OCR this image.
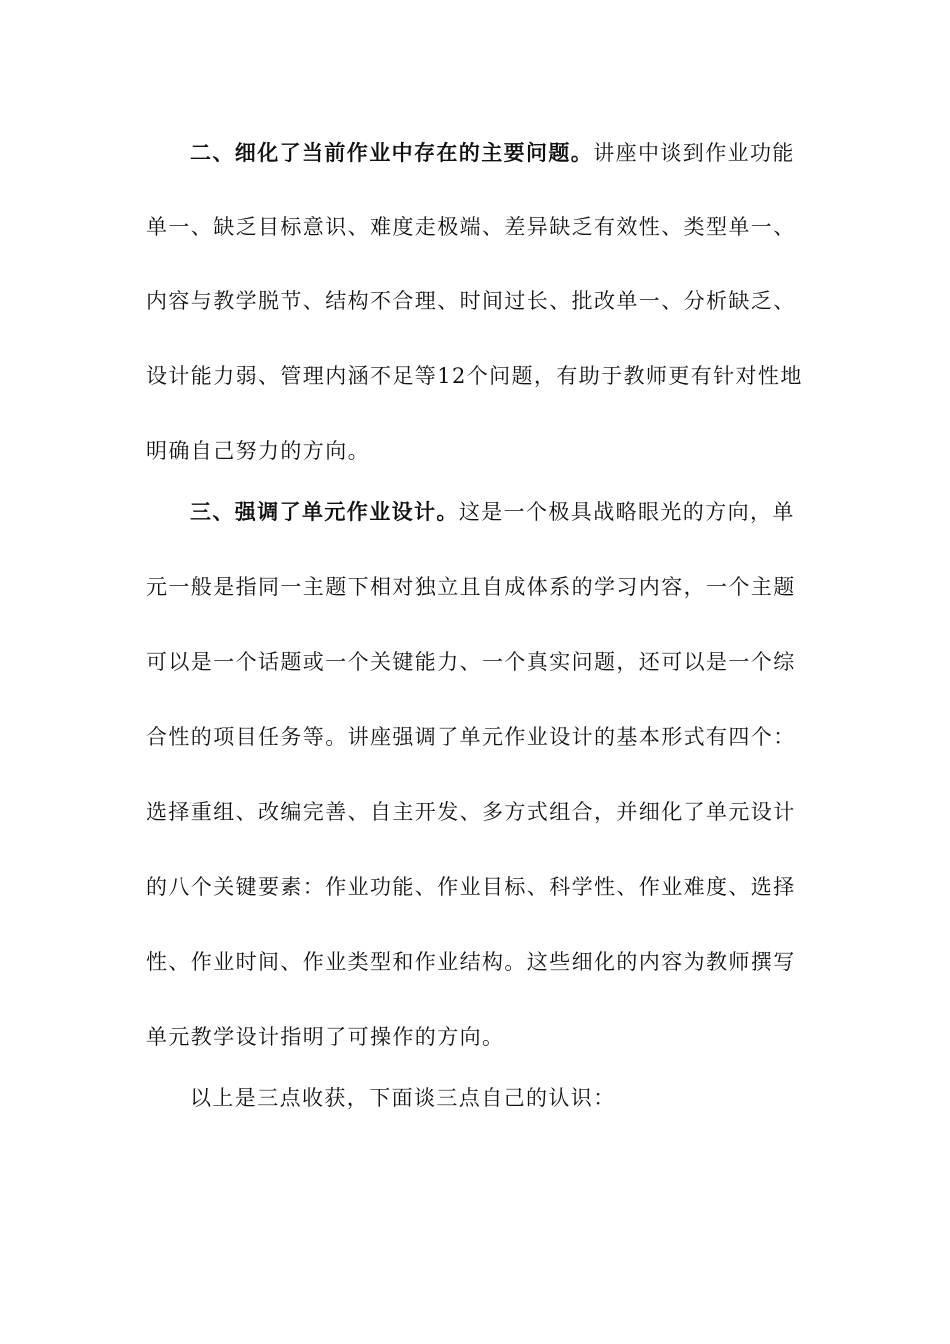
二、细化了当前作业中存在的主要问题。讲座中谈到作业功能
单一、缺乏目标意识、难度走极端、差异缺乏有效性、类型单一、
内容与教学脱节、结构不合理、时间过长、批改单一、分析缺乏、
设计能力弱、管理内涵不足等12个问题，有助于教师更有针对性地
明确自己努力的方向。
三、强调了单元作业设计。这是一个极具战略眼光的方向，单
元一般是指同一主题下相对独立且自成体系的学习内容，一个主题
可以是一个话题或一个关键能力、一个真实问题，还可以是一个综
合性的项目任务等。讲座强调了单元作业设计的基本形式有四个：
选择重组、改编完善、自主开发、多方式组合，并细化了单元设计
的八个关键要素：作业功能、作业目标、科学性、作业难度、选择
性、作业时间、作业类型和作业结构。这些细化的内容为教师撰写
单元教学设计指明了可操作的方向。
以上是三点收获，下面谈三点自己的认识：
